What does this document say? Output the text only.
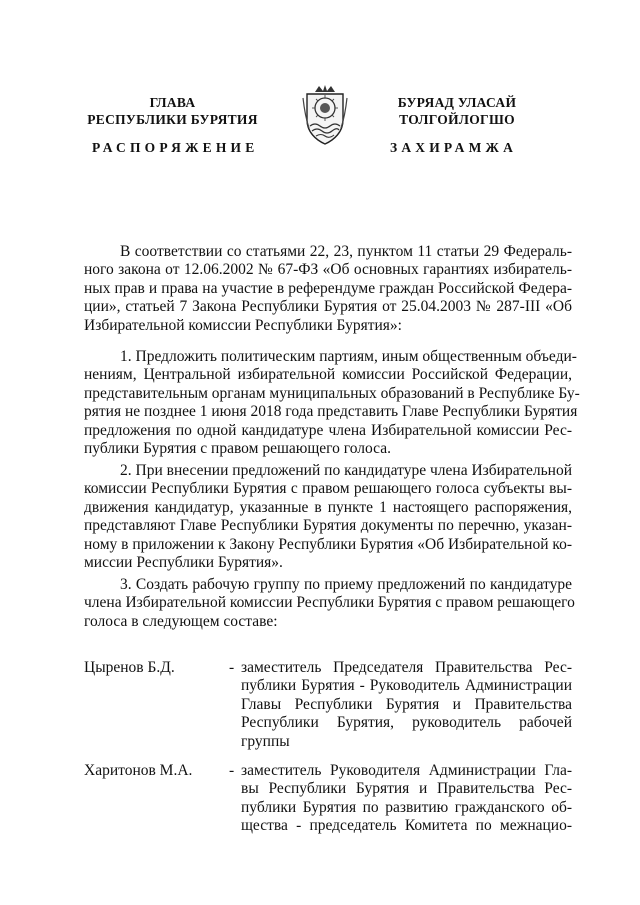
ГЛАВА
РЕСПУБЛИКИ БУРЯТИЯ
БУРЯАД УЛАСАЙ
ТОЛГОЙЛОГШО
РАСПОРЯЖЕНИЕ	ЗАХИРАМЖА
В соответствии со статьями 22, 23, пунктом 11 статьи 29 Федераль-
ного закона от 12.06.2002 № 67-ФЗ «Об основных гарантиях избиратель-
ных прав и права на участие в референдуме граждан Российской Федера-
ции», статьей 7 Закона Республики Бурятия от 25.04.2003 № 287-III «Об
Избирательной комиссии Республики Бурятия»:
1. Предложить политическим партиям, иным общественным объеди-
нениям, Центральной избирательной комиссии Российской Федерации,
представительным органам муниципальных образований в Республике Бу-
рятия не позднее 1 июня 2018 года представить Главе Республики Бурятия
предложения по одной кандидатуре члена Избирательной комиссии Рес-
публики Бурятия с правом решающего голоса.
2. При внесении предложений по кандидатуре члена Избирательной
комиссии Республики Бурятия с правом решающего голоса субъекты вы-
движения кандидатур, указанные в пункте 1 настоящего распоряжения,
представляют Главе Республики Бурятия документы по перечню, указан-
ному в приложении к Закону Республики Бурятия «Об Избирательной ко-
миссии Республики Бурятия».
3. Создать рабочую группу по приему предложений по кандидатуре
члена Избирательной комиссии Республики Бурятия с правом решающего
голоса в следующем составе:
Цыренов Б.Д.	- заместитель Председателя Правительства Рес-
публики Бурятия - Руководитель Администрации
Главы Республики Бурятия и Правительства
Республики Бурятия, руководитель рабочей
группы
Харитонов М.А. - заместитель Руководителя Администрации Гла-
вы Республики Бурятия и Правительства Рес-
публики Бурятия по развитию гражданского об-
щества - председатель Комитета по межнацио-
